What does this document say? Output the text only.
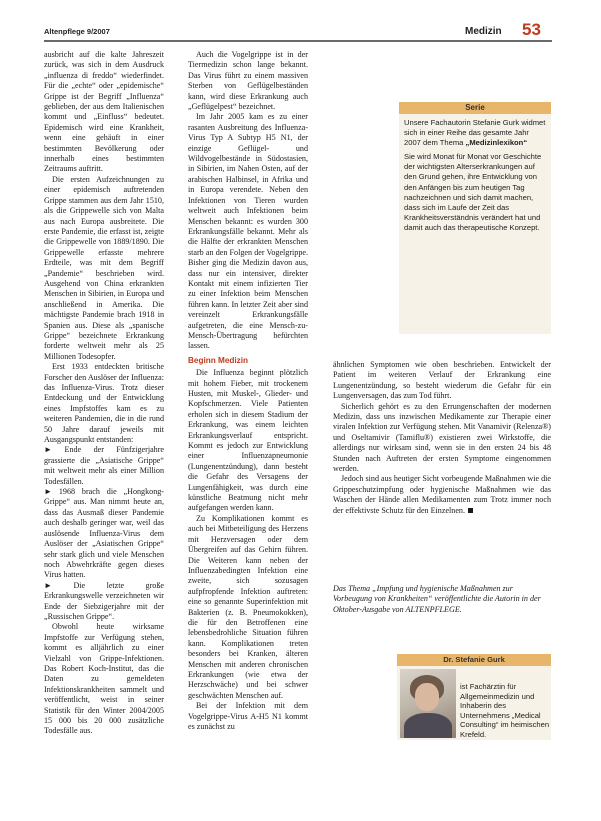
Altenpflege 9/2007	Medizin 53

ausbricht auf die kalte Jahreszeit zurück, was sich in dem Ausdruck „influenza di freddo“ wiederfindet. Für die „echte“ oder „epidemische“ Grippe ist der Begriff „Influenza“ geblieben, der aus dem Italienischen kommt und „Einfluss“ bedeutet. Epidemisch wird eine Krankheit, wenn eine gehäuft in einer bestimmten Bevölkerung oder innerhalb eines bestimmten Zeitraums auftritt.

Die ersten Aufzeichnungen zu einer epidemisch auftretenden Grippe stammen aus dem Jahr 1510, als die Grippewelle sich von Malta aus nach Europa ausbreitete. Die erste Pandemie, die erfasst ist, zeigte die Grippewelle von 1889/1890. Die Grippewelle erfasste mehrere Erdteile, was mit dem Begriff „Pandemie“ beschrieben wird. Ausgehend von China erkrankten Menschen in Sibirien, in Europa und anschließend in Amerika. Die mächtigste Pandemie brach 1918 in Spanien aus. Diese als „spanische Grippe“ bezeichnete Erkrankung forderte weltweit mehr als 25 Millionen Todesopfer.

Erst 1933 entdeckten britische Forscher den Auslöser der Influenza: das Influenza-Virus. Trotz dieser Entdeckung und der Entwicklung eines Impfstoffes kam es zu weiteren Pandemien, die in die rund 50 Jahre darauf jeweils mit Ausgangspunkt entstanden:

► Ende der Fünfzigerjahre grassierte die „Asiatische Grippe“ mit weltweit mehr als einer Million Todesfällen.

► 1968 brach die „Hongkong-Grippe“ aus. Man nimmt heute an, dass das Ausmaß dieser Pandemie auch deshalb geringer war, weil das auslösende Influenza-Virus dem Auslöser der „Asiatischen Grippe“ sehr stark glich und viele Menschen noch Abwehrkräfte gegen dieses Virus hatten.

► Die letzte große Erkrankungswelle verzeichneten wir Ende der Siebzigerjahre mit der „Russischen Grippe“.

Obwohl heute wirksame Impfstoffe zur Verfügung stehen, kommt es alljährlich zu einer Vielzahl von Grippe-Infektionen. Das Robert Koch-Institut, das die Daten zu gemeldeten Infektionskrankheiten sammelt und veröffentlicht, weist in seiner Statistik für den Winter 2004/2005 15 000 bis 20 000 zusätzliche Todesfälle aus.

Auch die Vogelgrippe ist in der Tiermedizin schon lange bekannt. Das Virus führt zu einem massiven Sterben von Geflügelbeständen kann, wird diese Erkrankung auch „Geflügelpest“ bezeichnet.

Im Jahr 2005 kam es zu einer rasanten Ausbreitung des Influenza-Virus Typ A Subtyp H5 N1, der einzige Geflügel- und Wildvogelbestände in Südostasien, in Sibirien, im Nahen Osten, auf der arabischen Halbinsel, in Afrika und in Europa verendete. Neben den Infektionen von Tieren wurden weltweit auch Infektionen beim Menschen bekannt: es wurden 300 Erkrankungsfälle bekannt. Mehr als die Hälfte der erkrankten Menschen starb an den Folgen der Vogelgrippe. Bisher ging die Medizin davon aus, dass nur ein intensiver, direkter Kontakt mit einem infizierten Tier zu einer Infektion beim Menschen führen kann. In letzter Zeit aber sind vereinzelt Erkrankungsfälle aufgetreten, die eine Mensch-zu-Mensch-Übertragung befürchten lassen.

Beginn Medizin

Die Influenza beginnt plötzlich mit hohem Fieber, mit trockenem Husten, mit Muskel-, Glieder- und Kopfschmerzen. Viele Patienten erholen sich in diesem Stadium der Erkrankung, was einem leichten Erkrankungsverlauf entspricht. Kommt es jedoch zur Entwicklung einer Influenzapneumonie (Lungenentzündung), dann besteht die Gefahr des Versagens der Lungenfähigkeit, was durch eine künstliche Beatmung nicht mehr aufgefangen werden kann.

Zu Komplikationen kommt es auch bei Mitbeteiligung des Herzens mit Herzversagen oder dem Übergreifen auf das Gehirn führen. Die Weiteren kann neben der Influenzabedingten Infektion eine zweite, sich sozusagen aufpfropfende Infektion auftreten: eine so genannte Superinfektion mit Bakterien (z. B. Pneumokokken), die für den Betroffenen eine lebensbedrohliche Situation führen kann. Komplikationen treten besonders bei Kranken, älteren Menschen mit anderen chronischen Erkrankungen (wie etwa der Herzschwäche) und bei schwer geschwächten Menschen auf.

Bei der Infektion mit dem Vogelgrippe-Virus A-H5 N1 kommt es zunächst zu

Serie
Unsere Fachautorin Stefanie Gurk widmet sich in einer Reihe das gesamte Jahr 2007 dem Thema „Medizinlexikon“
Sie wird Monat für Monat vor Geschichte der wichtigsten Alterserkrankungen auf den Grund gehen, ihre Entwicklung von den Anfängen bis zum heutigen Tag nachzeichnen und sich damit machen, dass sich im Laufe der Zeit das Krankheitsverständnis verändert hat und damit auch das therapeutische Konzept.

ähnlichen Symptomen wie oben beschrieben. Entwickelt der Patient im weiteren Verlauf der Erkrankung eine Lungenentzündung, so besteht wiederum die Gefahr für ein Lungenversagen, das zum Tod führt.

Sicherlich gehört es zu den Errungenschaften der modernen Medizin, dass uns inzwischen Medikamente zur Therapie einer viralen Infektion zur Verfügung stehen. Mit Vanamivir (Relenza®) und Oseltamivir (Tamiflu®) existieren zwei Wirkstoffe, die allerdings nur wirksam sind, wenn sie in den ersten 24 bis 48 Stunden nach Auftreten der ersten Symptome eingenommen werden.

Jedoch sind aus heutiger Sicht vorbeugende Maßnahmen wie die Grippeschutzimpfung oder hygienische Maßnahmen wie das Waschen der Hände allen Medikamenten zum Trotz immer noch der effektivste Schutz für den Einzelnen.

Das Thema „Impfung und hygienische Maßnahmen zur Vorbeugung von Krankheiten“ veröffentlichte die Autorin in der Oktober-Ausgabe von ALTENPFLEGE.
Dr. Stefanie Gurk
ist Fachärztin für Allgemeinmedizin und Inhaberin des Unternehmens „Medical Consulting“ im heimischen Krefeld.
